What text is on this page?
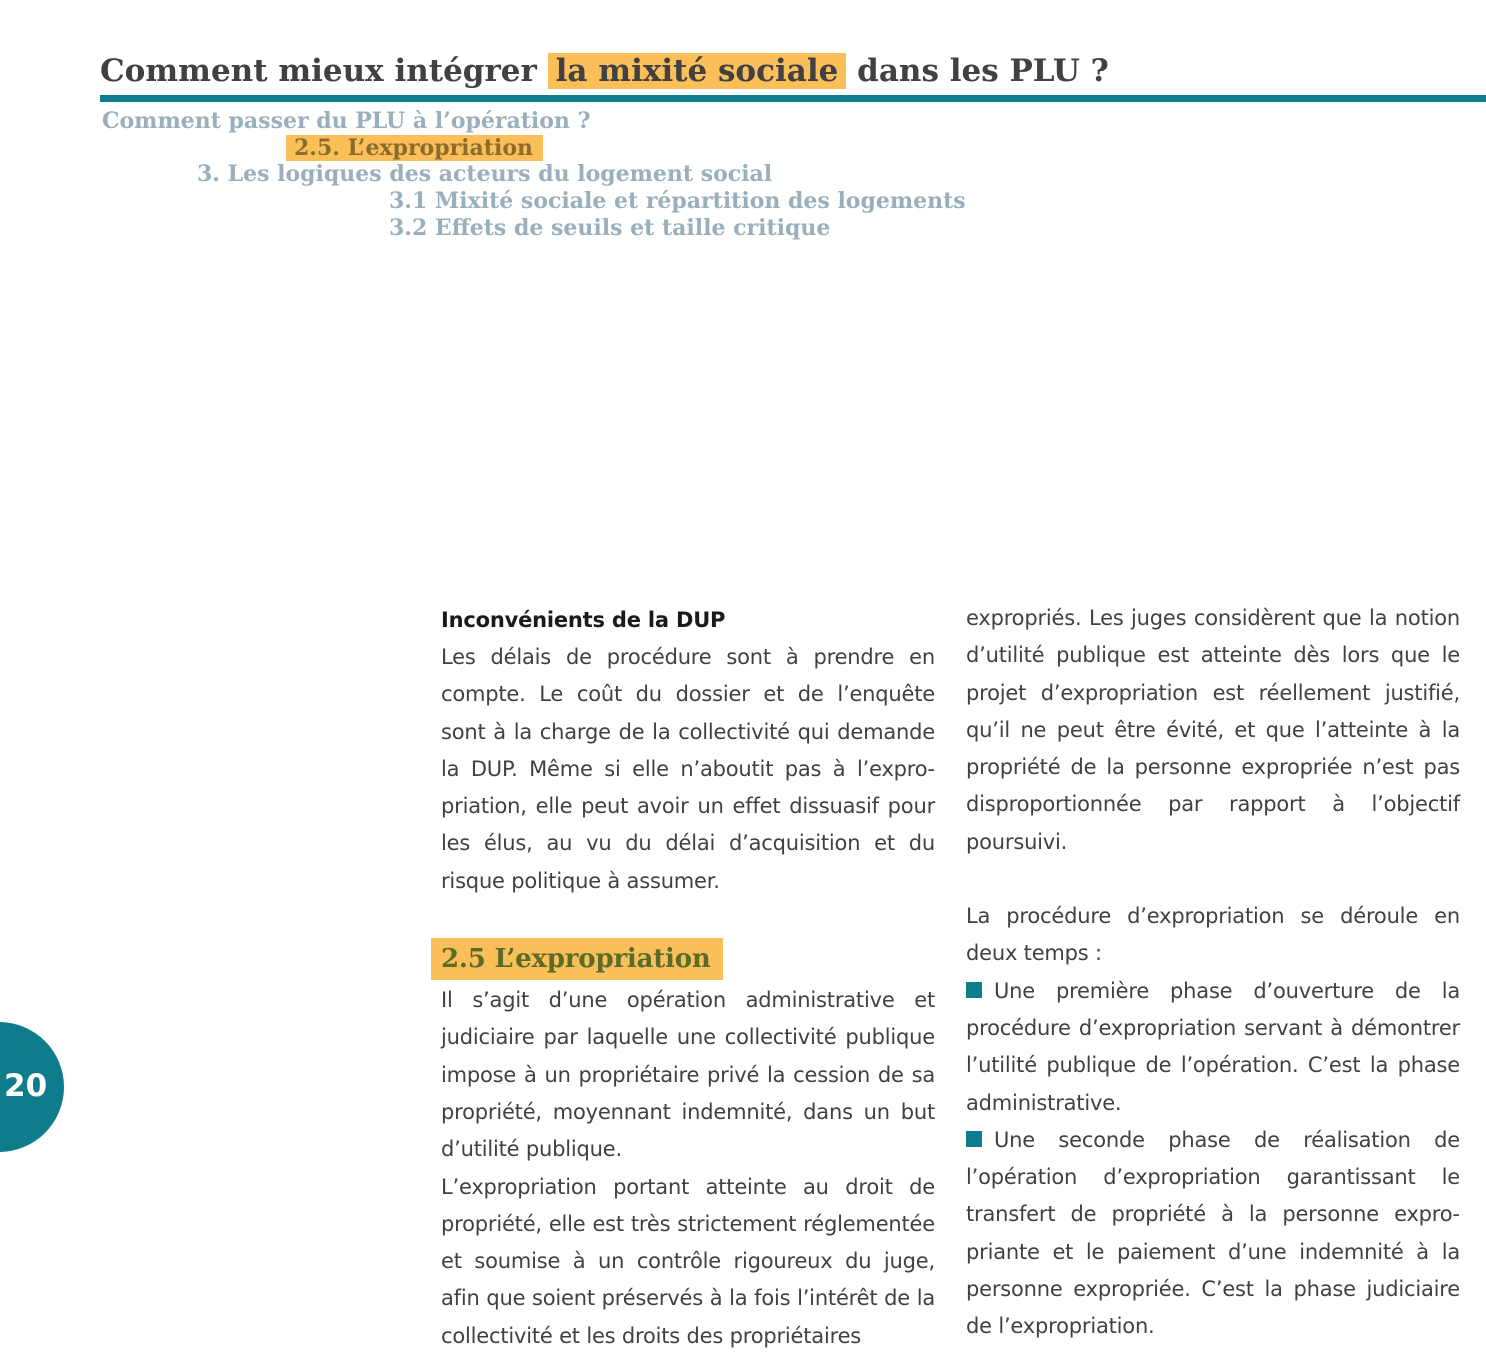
Comment mieux intégrer la mixité sociale dans les PLU ?

Comment passer du PLU à l’opération ?

2.5. L’expropriation

3. Les logiques des acteurs du logement social

3.1 Mixité sociale et répartition des logements

3.2 Effets de seuils et taille critique

Inconvénients de la DUP

Les délais de procédure sont à prendre en compte. Le coût du dossier et de l’enquête sont à la charge de la collectivité qui demande la DUP. Même si elle n’aboutit pas à l’expropriation, elle peut avoir un effet dissuasif pour les élus, au vu du délai d’acquisition et du risque politique à assumer.

2.5 L’expropriation

Il s’agit d’une opération administrative et judiciaire par laquelle une collectivité publique impose à un propriétaire privé la cession de sa propriété, moyennant indemnité, dans un but d’utilité publique.

L’expropriation portant atteinte au droit de propriété, elle est très strictement réglementée et soumise à un contrôle rigoureux du juge, afin que soient préservés à la fois l’intérêt de la collectivité et les droits des propriétaires

expropriés. Les juges considèrent que la notion d’utilité publique est atteinte dès lors que le projet d’expropriation est réellement justifié, qu’il ne peut être évité, et que l’atteinte à la propriété de la personne expropriée n’est pas disproportionnée par rapport à l’objectif poursuivi.

La procédure d’expropriation se déroule en deux temps :

Une première phase d’ouverture de la procédure d’expropriation servant à démontrer l’utilité publique de l’opération. C’est la phase administrative.

Une seconde phase de réalisation de l’opération d’expropriation garantissant le transfert de propriété à la personne expropriante et le paiement d’une indemnité à la personne expropriée. C’est la phase judiciaire de l’expropriation.

20
